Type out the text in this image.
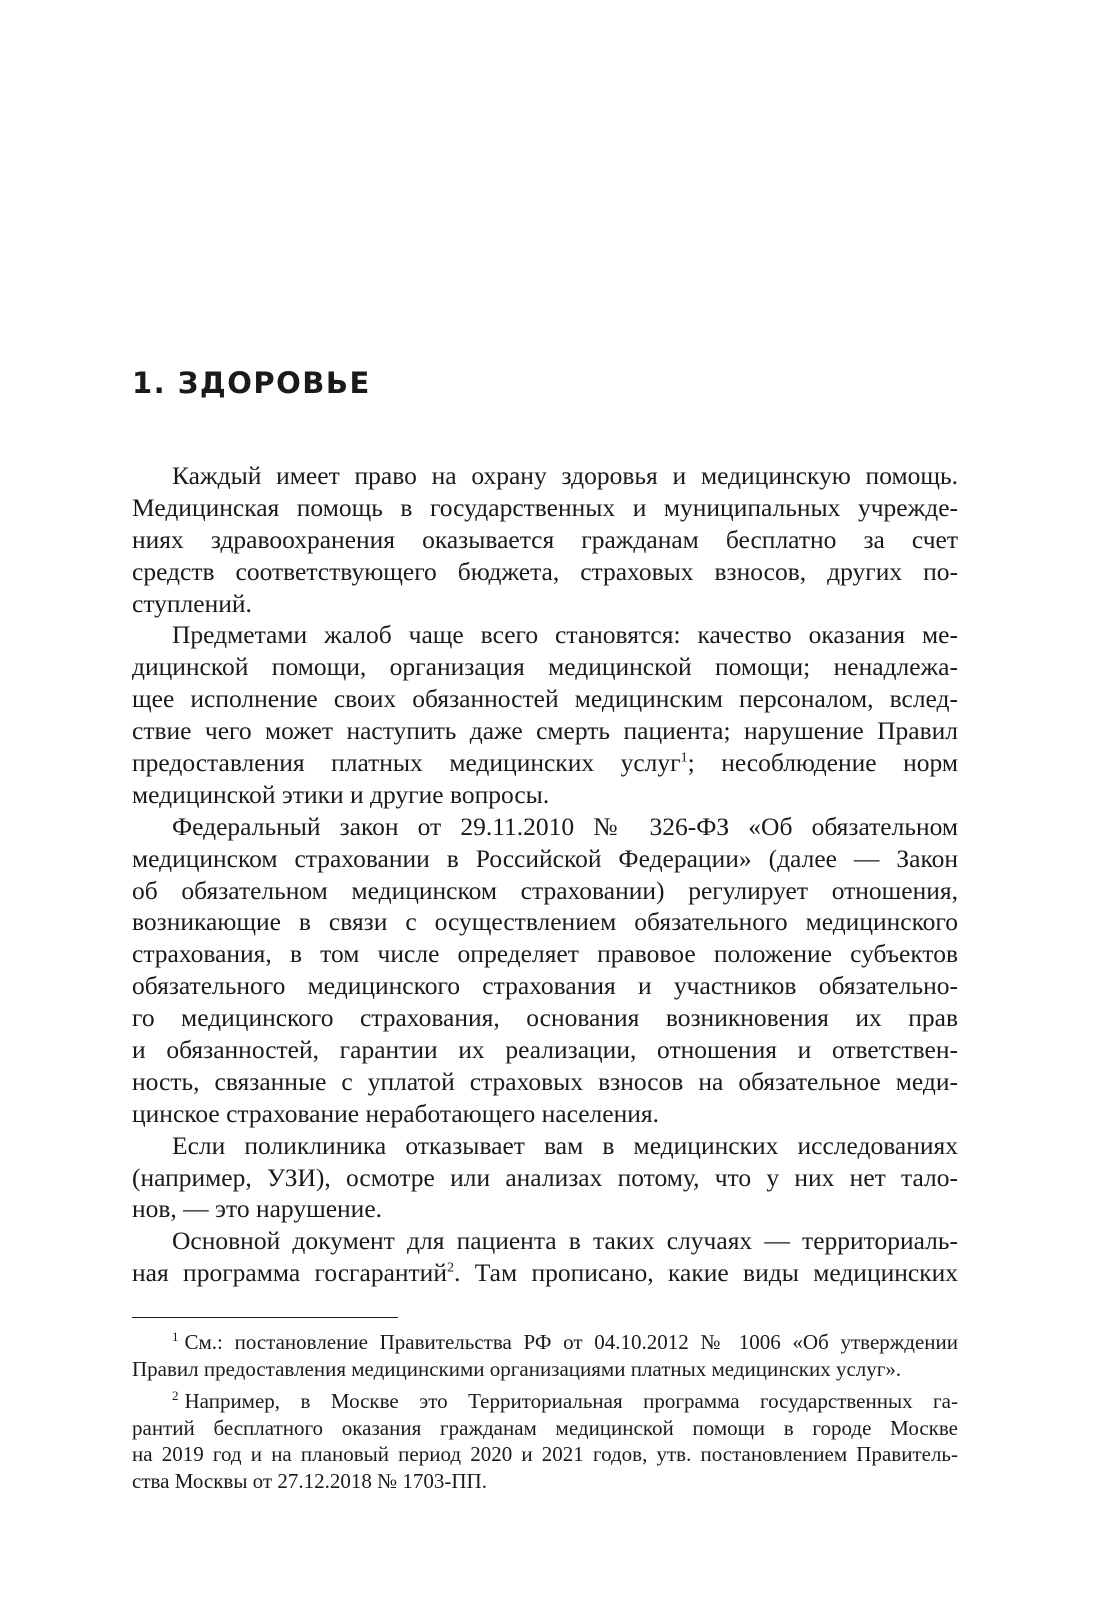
1. ЗДОРОВЬЕ
Каждый имеет право на охрану здоровья и медицинскую помощь.
Медицинская помощь в государственных и муниципальных учрежде-
ниях здравоохранения оказывается гражданам бесплатно за счет
средств соответствующего бюджета, страховых взносов, других по-
ступлений.
Предметами жалоб чаще всего становятся: качество оказания ме-
дицинской помощи, организация медицинской помощи; ненадлежа-
щее исполнение своих обязанностей медицинским персоналом, вслед-
ствие чего может наступить даже смерть пациента; нарушение Правил
предоставления платных медицинских услуг$^1$; несоблюдение норм
медицинской этики и другие вопросы.
Федеральный закон от 29.11.2010 № 326-ФЗ «Об обязательном
медицинском страховании в Российской Федерации» (далее — Закон
об обязательном медицинском страховании) регулирует отношения,
возникающие в связи с осуществлением обязательного медицинского
страхования, в том числе определяет правовое положение субъектов
обязательного медицинского страхования и участников обязательно-
го медицинского страхования, основания возникновения их прав
и обязанностей, гарантии их реализации, отношения и ответствен-
ность, связанные с уплатой страховых взносов на обязательное меди-
цинское страхование неработающего населения.
Если поликлиника отказывает вам в медицинских исследованиях
(например, УЗИ), осмотре или анализах потому, что у них нет тало-
нов, — это нарушение.
Основной документ для пациента в таких случаях — территориаль-
ная программа госгарантий$^2$. Там прописано, какие виды медицинских
$^1$ См.: постановление Правительства РФ от 04.10.2012 № 1006 «Об утверждении
Правил предоставления медицинскими организациями платных медицинских услуг».
$^2$ Например, в Москве это Территориальная программа государственных га-
рантий бесплатного оказания гражданам медицинской помощи в городе Москве
на 2019 год и на плановый период 2020 и 2021 годов, утв. постановлением Правитель-
ства Москвы от 27.12.2018 № 1703-ПП.
